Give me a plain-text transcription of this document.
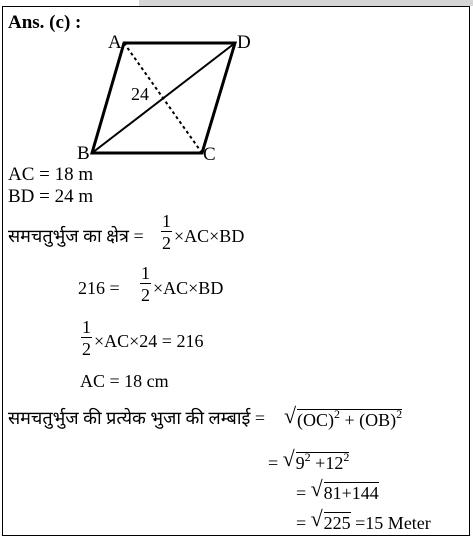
Ans. (c) :
A	D
B	C
24
AC = 18 m
BD = 24 m
समचतुर्भुज का क्षेत्र = $\frac{1}{2} \times AC\times BD$
$216 = \frac{1}{2} \times AC\times BD$
$\frac{1}{2} \times AC\times 24 = 216$
AC = 18 cm
समचतुर्भुज की प्रत्येक भुजा की लम्बाई = √ (OC)$^2$ + (OB)$^2$
= √ $9^2 +12^2$
= √ 81+144
= √ 225 =15 Meter
